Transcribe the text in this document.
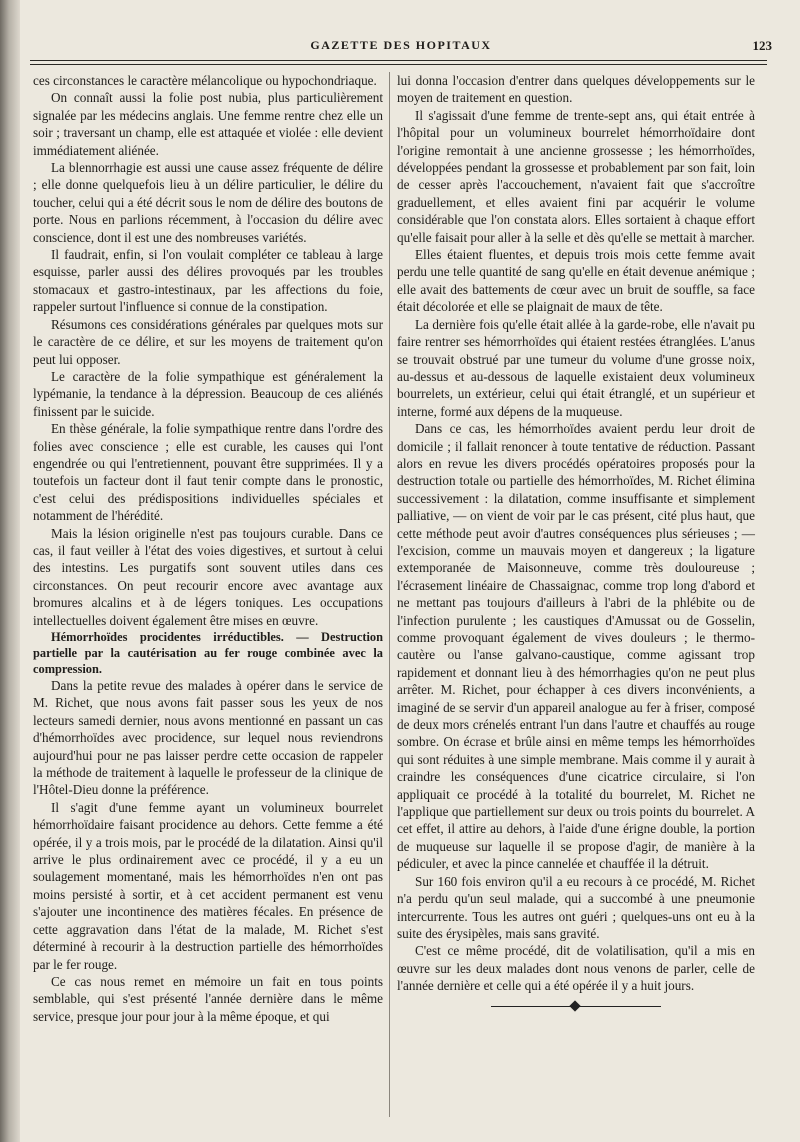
GAZETTE DES HOPITAUX	123

ces circonstances le caractère mélancolique ou hypochondriaque.

On connaît aussi la folie post nubia, plus particulièrement signalée par les médecins anglais. Une femme rentre chez elle un soir ; traversant un champ, elle est attaquée et violée : elle devient immédiatement aliénée.

La blennorrhagie est aussi une cause assez fréquente de délire ; elle donne quelquefois lieu à un délire particulier, le délire du toucher, celui qui a été décrit sous le nom de délire des boutons de porte. Nous en parlions récemment, à l'occasion du délire avec conscience, dont il est une des nombreuses variétés.

Il faudrait, enfin, si l'on voulait compléter ce tableau à large esquisse, parler aussi des délires provoqués par les troubles stomacaux et gastro-intestinaux, par les affections du foie, rappeler surtout l'influence si connue de la constipation.

Résumons ces considérations générales par quelques mots sur le caractère de ce délire, et sur les moyens de traitement qu'on peut lui opposer.

Le caractère de la folie sympathique est généralement la lypémanie, la tendance à la dépression. Beaucoup de ces aliénés finissent par le suicide.

En thèse générale, la folie sympathique rentre dans l'ordre des folies avec conscience ; elle est curable, les causes qui l'ont engendrée ou qui l'entretiennent, pouvant être supprimées. Il y a toutefois un facteur dont il faut tenir compte dans le pronostic, c'est celui des prédispositions individuelles spéciales et notamment de l'hérédité.

Mais la lésion originelle n'est pas toujours curable. Dans ce cas, il faut veiller à l'état des voies digestives, et surtout à celui des intestins. Les purgatifs sont souvent utiles dans ces circonstances. On peut recourir encore avec avantage aux bromures alcalins et à de légers toniques. Les occupations intellectuelles doivent également être mises en œuvre.

Hémorrhoïdes procidentes irréductibles. — Destruction partielle par la cautérisation au fer rouge combinée avec la compression.

Dans la petite revue des malades à opérer dans le service de M. Richet, que nous avons fait passer sous les yeux de nos lecteurs samedi dernier, nous avons mentionné en passant un cas d'hémorrhoïdes avec procidence, sur lequel nous reviendrons aujourd'hui pour ne pas laisser perdre cette occasion de rappeler la méthode de traitement à laquelle le professeur de la clinique de l'Hôtel-Dieu donne la préférence.

Il s'agit d'une femme ayant un volumineux bourrelet hémorrhoïdaire faisant procidence au dehors. Cette femme a été opérée, il y a trois mois, par le procédé de la dilatation. Ainsi qu'il arrive le plus ordinairement avec ce procédé, il y a eu un soulagement momentané, mais les hémorrhoïdes n'en ont pas moins persisté à sortir, et à cet accident permanent est venu s'ajouter une incontinence des matières fécales. En présence de cette aggravation dans l'état de la malade, M. Richet s'est déterminé à recourir à la destruction partielle des hémorrhoïdes par le fer rouge.

Ce cas nous remet en mémoire un fait en tous points semblable, qui s'est présenté l'année dernière dans le même service, presque jour pour jour à la même époque, et qui

lui donna l'occasion d'entrer dans quelques développements sur le moyen de traitement en question.

Il s'agissait d'une femme de trente-sept ans, qui était entrée à l'hôpital pour un volumineux bourrelet hémorrhoïdaire dont l'origine remontait à une ancienne grossesse ; les hémorrhoïdes, développées pendant la grossesse et probablement par son fait, loin de cesser après l'accouchement, n'avaient fait que s'accroître graduellement, et elles avaient fini par acquérir le volume considérable que l'on constata alors. Elles sortaient à chaque effort qu'elle faisait pour aller à la selle et dès qu'elle se mettait à marcher.

Elles étaient fluentes, et depuis trois mois cette femme avait perdu une telle quantité de sang qu'elle en était devenue anémique ; elle avait des battements de cœur avec un bruit de souffle, sa face était décolorée et elle se plaignait de maux de tête.

La dernière fois qu'elle était allée à la garde-robe, elle n'avait pu faire rentrer ses hémorrhoïdes qui étaient restées étranglées. L'anus se trouvait obstrué par une tumeur du volume d'une grosse noix, au-dessus et au-dessous de laquelle existaient deux volumineux bourrelets, un extérieur, celui qui était étranglé, et un supérieur et interne, formé aux dépens de la muqueuse.

Dans ce cas, les hémorrhoïdes avaient perdu leur droit de domicile ; il fallait renoncer à toute tentative de réduction. Passant alors en revue les divers procédés opératoires proposés pour la destruction totale ou partielle des hémorrhoïdes, M. Richet élimina successivement : la dilatation, comme insuffisante et simplement palliative, — on vient de voir par le cas présent, cité plus haut, que cette méthode peut avoir d'autres conséquences plus sérieuses ; — l'excision, comme un mauvais moyen et dangereux ; la ligature extemporanée de Maisonneuve, comme très douloureuse ; l'écrasement linéaire de Chassaignac, comme trop long d'abord et ne mettant pas toujours d'ailleurs à l'abri de la phlébite ou de l'infection purulente ; les caustiques d'Amussat ou de Gosselin, comme provoquant également de vives douleurs ; le thermo-cautère ou l'anse galvano-caustique, comme agissant trop rapidement et donnant lieu à des hémorrhagies qu'on ne peut plus arrêter. M. Richet, pour échapper à ces divers inconvénients, a imaginé de se servir d'un appareil analogue au fer à friser, composé de deux mors crénelés entrant l'un dans l'autre et chauffés au rouge sombre. On écrase et brûle ainsi en même temps les hémorrhoïdes qui sont réduites à une simple membrane. Mais comme il y aurait à craindre les conséquences d'une cicatrice circulaire, si l'on appliquait ce procédé à la totalité du bourrelet, M. Richet ne l'applique que partiellement sur deux ou trois points du bourrelet. A cet effet, il attire au dehors, à l'aide d'une érigne double, la portion de muqueuse sur laquelle il se propose d'agir, de manière à la pédiculer, et avec la pince cannelée et chauffée il la détruit.

Sur 160 fois environ qu'il a eu recours à ce procédé, M. Richet n'a perdu qu'un seul malade, qui a succombé à une pneumonie intercurrente. Tous les autres ont guéri ; quelques-uns ont eu à la suite des érysipèles, mais sans gravité.

C'est ce même procédé, dit de volatilisation, qu'il a mis en œuvre sur les deux malades dont nous venons de parler, celle de l'année dernière et celle qui a été opérée il y a huit jours.
